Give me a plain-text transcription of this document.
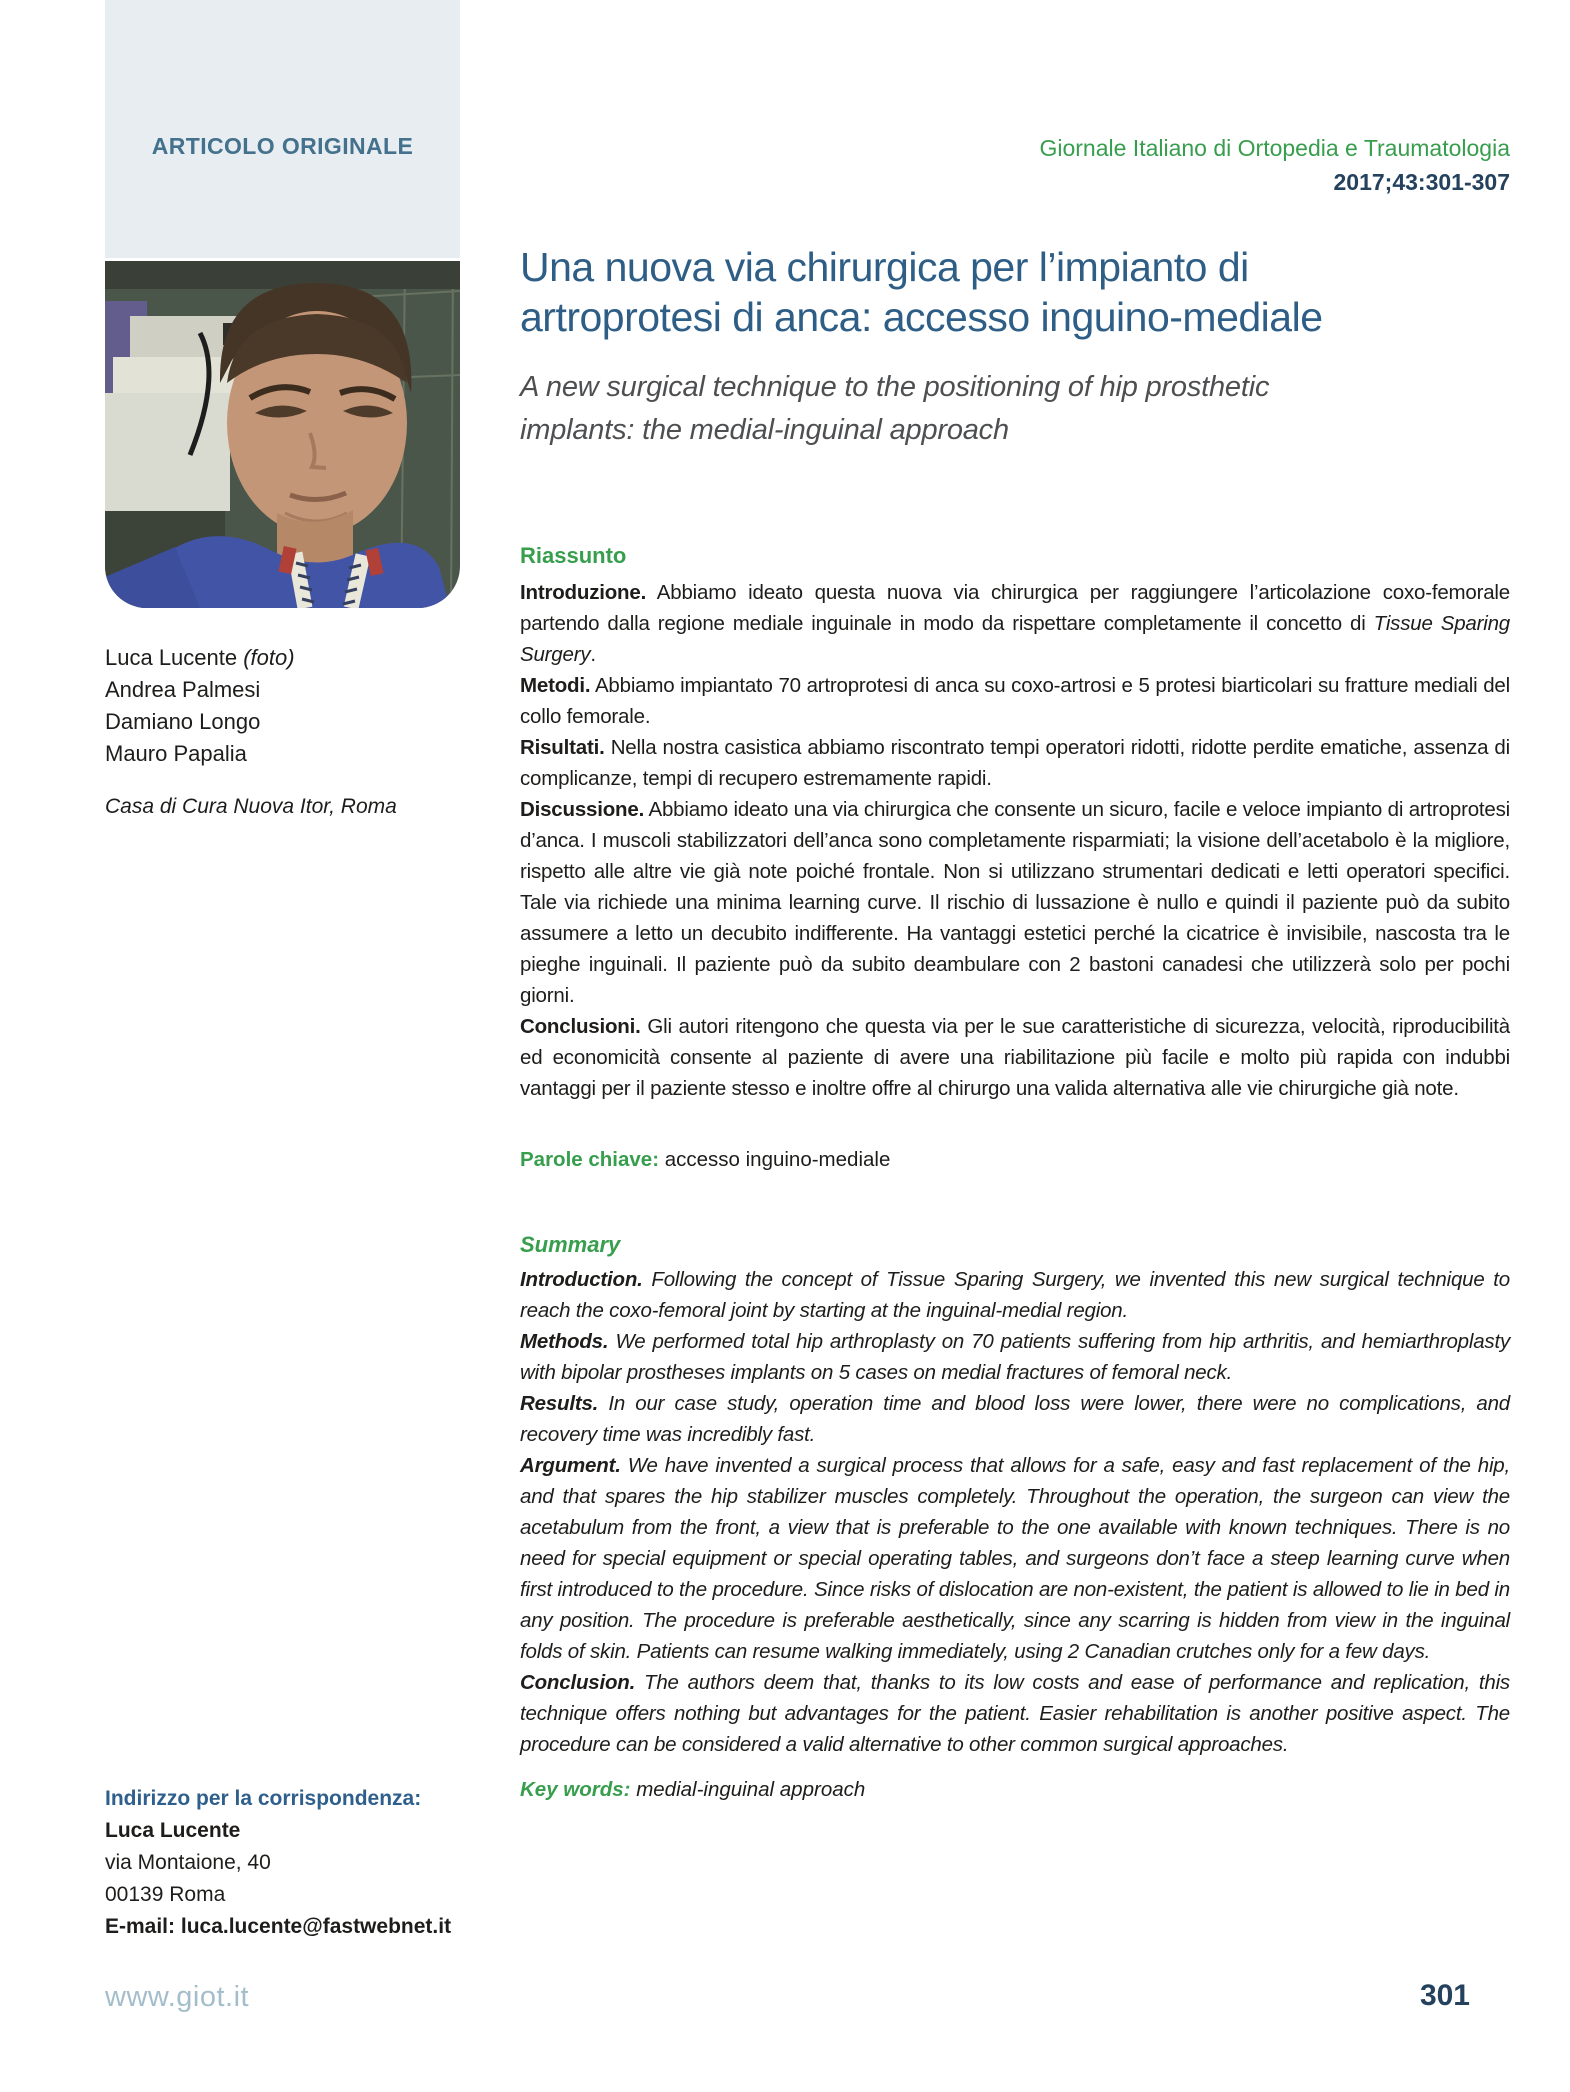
ARTICOLO ORIGINALE
Luca Lucente (foto)
Andrea Palmesi
Damiano Longo
Mauro Papalia
Casa di Cura Nuova Itor, Roma
Indirizzo per la corrispondenza:
Luca Lucente
via Montaione, 40
00139 Roma
E-mail: luca.lucente@fastwebnet.it
Giornale Italiano di Ortopedia e Traumatologia
2017;43:301-307
Una nuova via chirurgica per l’impianto di artroprotesi di anca: accesso inguino-mediale
A new surgical technique to the positioning of hip prosthetic implants: the medial-inguinal approach
Riassunto

Introduzione. Abbiamo ideato questa nuova via chirurgica per raggiungere l’articolazione coxo-femorale partendo dalla regione mediale inguinale in modo da rispettare completamente il concetto di Tissue Sparing Surgery.

Metodi. Abbiamo impiantato 70 artroprotesi di anca su coxo-artrosi e 5 protesi biarticolari su fratture mediali del collo femorale.

Risultati. Nella nostra casistica abbiamo riscontrato tempi operatori ridotti, ridotte perdite ematiche, assenza di complicanze, tempi di recupero estremamente rapidi.

Discussione. Abbiamo ideato una via chirurgica che consente un sicuro, facile e veloce impianto di artroprotesi d’anca. I muscoli stabilizzatori dell’anca sono completamente risparmiati; la visione dell’acetabolo è la migliore, rispetto alle altre vie già note poiché frontale. Non si utilizzano strumentari dedicati e letti operatori specifici. Tale via richiede una minima learning curve. Il rischio di lussazione è nullo e quindi il paziente può da subito assumere a letto un decubito indifferente. Ha vantaggi estetici perché la cicatrice è invisibile, nascosta tra le pieghe inguinali. Il paziente può da subito deambulare con 2 bastoni canadesi che utilizzerà solo per pochi giorni.

Conclusioni. Gli autori ritengono che questa via per le sue caratteristiche di sicurezza, velocità, riproducibilità ed economicità consente al paziente di avere una riabilitazione più facile e molto più rapida con indubbi vantaggi per il paziente stesso e inoltre offre al chirurgo una valida alternativa alle vie chirurgiche già note.

Parole chiave: accesso inguino-mediale

Summary

Introduction. Following the concept of Tissue Sparing Surgery, we invented this new surgical technique to reach the coxo-femoral joint by starting at the inguinal-medial region.

Methods. We performed total hip arthroplasty on 70 patients suffering from hip arthritis, and hemiarthroplasty with bipolar prostheses implants on 5 cases on medial fractures of femoral neck.

Results. In our case study, operation time and blood loss were lower, there were no complications, and recovery time was incredibly fast.

Argument. We have invented a surgical process that allows for a safe, easy and fast replacement of the hip, and that spares the hip stabilizer muscles completely. Throughout the operation, the surgeon can view the acetabulum from the front, a view that is preferable to the one available with known techniques. There is no need for special equipment or special operating tables, and surgeons don’t face a steep learning curve when first introduced to the procedure. Since risks of dislocation are non-existent, the patient is allowed to lie in bed in any position. The procedure is preferable aesthetically, since any scarring is hidden from view in the inguinal folds of skin. Patients can resume walking immediately, using 2 Canadian crutches only for a few days.

Conclusion. The authors deem that, thanks to its low costs and ease of performance and replication, this technique offers nothing but advantages for the patient. Easier rehabilitation is another positive aspect. The procedure can be considered a valid alternative to other common surgical approaches.

Key words: medial-inguinal approach

www.giot.it	301
